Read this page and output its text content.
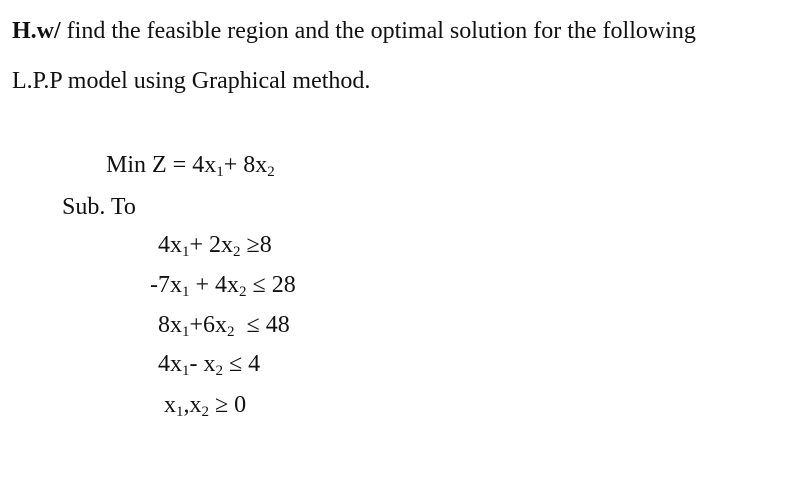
H.w/ find the feasible region and the optimal solution for the following
L.P.P model using Graphical method.
Min $Z = 4x_1+ 8x_2$
Sub. To
$4x_1+ 2x_2 \ge 8$
$-7x_1 + 4x_2 \le 28$
$8x_1+6x_2 \le 48$
$4x_1-$ $x_2 \le 4$
$x_1,x_2 \ge 0$
